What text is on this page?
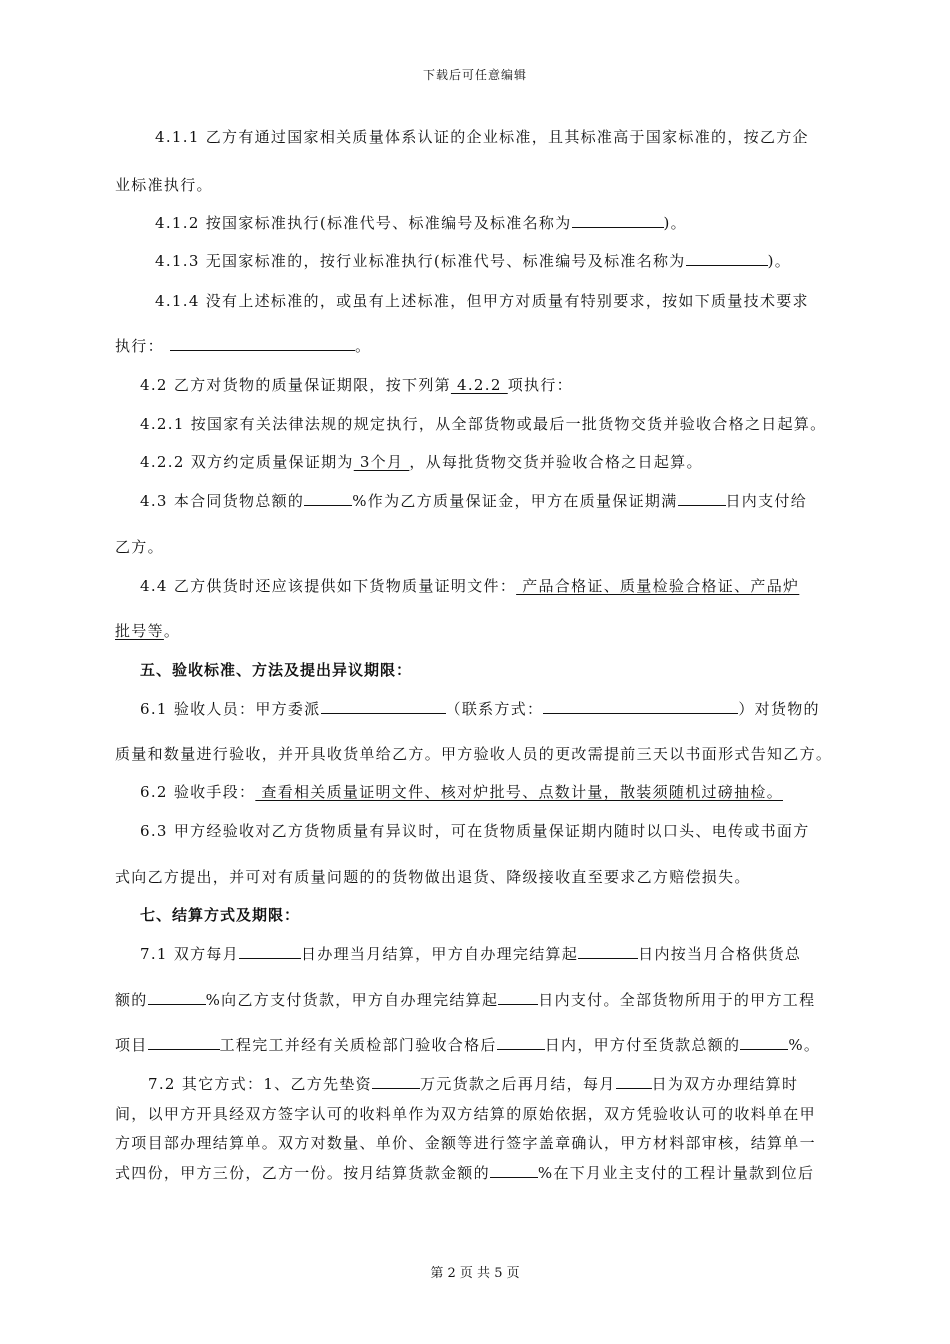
下载后可任意编辑
4.1.1 乙方有通过国家相关质量体系认证的企业标准，且其标准高于国家标准的，按乙方企
业标准执行。
4.1.2 按国家标准执行(标准代号、标准编号及标准名称为	)。
4.1.3 无国家标准的，按行业标准执行(标准代号、标准编号及标准名称为	)。
4.1.4 没有上述标准的，或虽有上述标准，但甲方对质量有特别要求，按如下质量技术要求
执行：	。
4.2 乙方对货物的质量保证期限，按下列第 4.2.2 项执行：
4.2.1 按国家有关法律法规的规定执行，从全部货物或最后一批货物交货并验收合格之日起算。
4.2.2 双方约定质量保证期为 3个月 ，从每批货物交货并验收合格之日起算。
4.3 本合同货物总额的	%作为乙方质量保证金，甲方在质量保证期满	日内支付给
乙方。
4.4 乙方供货时还应该提供如下货物质量证明文件： 产品合格证、质量检验合格证、产品炉
批号等。
五、验收标准、方法及提出异议期限：
6.1 验收人员：甲方委派	（联系方式：	）对货物的
质量和数量进行验收，并开具收货单给乙方。甲方验收人员的更改需提前三天以书面形式告知乙方。
6.2 验收手段： 查看相关质量证明文件、核对炉批号、点数计量，散装须随机过磅抽检。
6.3 甲方经验收对乙方货物质量有异议时，可在货物质量保证期内随时以口头、电传或书面方
式向乙方提出，并可对有质量问题的的货物做出退货、降级接收直至要求乙方赔偿损失。
七、结算方式及期限：
7.1 双方每月	日办理当月结算，甲方自办理完结算起	日内按当月合格供货总
额的	%向乙方支付货款，甲方自办理完结算起	日内支付。全部货物所用于的甲方工程
项目	工程完工并经有关质检部门验收合格后	日内，甲方付至货款总额的	%。
7.2 其它方式：1、乙方先垫资	万元货款之后再月结，每月 日为双方办理结算时
间，以甲方开具经双方签字认可的收料单作为双方结算的原始依据，双方凭验收认可的收料单在甲
方项目部办理结算单。双方对数量、单价、金额等进行签字盖章确认，甲方材料部审核，结算单一
式四份，甲方三份，乙方一份。按月结算货款金额的	%在下月业主支付的工程计量款到位后
第 2 页 共 5 页
